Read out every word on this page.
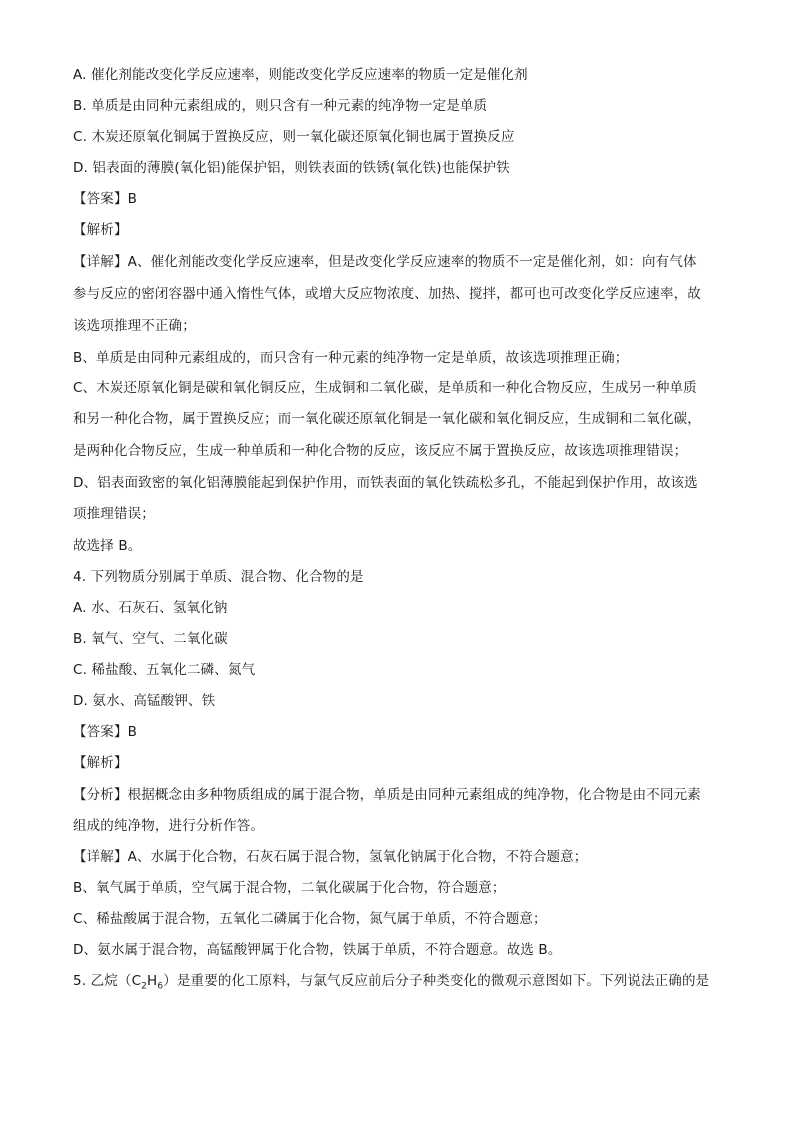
A. 催化剂能改变化学反应速率，则能改变化学反应速率的物质一定是催化剂
B. 单质是由同种元素组成的，则只含有一种元素的纯净物一定是单质
C. 木炭还原氧化铜属于置换反应，则一氧化碳还原氧化铜也属于置换反应
D. 铝表面的薄膜(氧化铝)能保护铝，则铁表面的铁锈(氧化铁)也能保护铁
【答案】B
【解析】
【详解】A、催化剂能改变化学反应速率，但是改变化学反应速率的物质不一定是催化剂，如：向有气体
参与反应的密闭容器中通入惰性气体，或增大反应物浓度、加热、搅拌，都可也可改变化学反应速率，故
该选项推理不正确；
B、单质是由同种元素组成的，而只含有一种元素的纯净物一定是单质，故该选项推理正确；
C、木炭还原氧化铜是碳和氧化铜反应，生成铜和二氧化碳，是单质和一种化合物反应，生成另一种单质
和另一种化合物，属于置换反应；而一氧化碳还原氧化铜是一氧化碳和氧化铜反应，生成铜和二氧化碳，
是两种化合物反应，生成一种单质和一种化合物的反应，该反应不属于置换反应，故该选项推理错误；
D、铝表面致密的氧化铝薄膜能起到保护作用，而铁表面的氧化铁疏松多孔，不能起到保护作用，故该选
项推理错误；
故选择 B。
4. 下列物质分别属于单质、混合物、化合物的是
A. 水、石灰石、氢氧化钠
B. 氧气、空气、二氧化碳
C. 稀盐酸、五氧化二磷、氮气
D. 氨水、高锰酸钾、铁
【答案】B
【解析】
【分析】根据概念由多种物质组成的属于混合物，单质是由同种元素组成的纯净物，化合物是由不同元素
组成的纯净物，进行分析作答。
【详解】A、水属于化合物，石灰石属于混合物，氢氧化钠属于化合物，不符合题意；
B、氧气属于单质，空气属于混合物，二氧化碳属于化合物，符合题意；
C、稀盐酸属于混合物，五氧化二磷属于化合物，氮气属于单质，不符合题意；
D、氨水属于混合物，高锰酸钾属于化合物，铁属于单质，不符合题意。故选 B。
5. 乙烷$(C_2H_6)$是重要的化工原料，与氯气反应前后分子种类变化的微观示意图如下。下列说法正确的是
